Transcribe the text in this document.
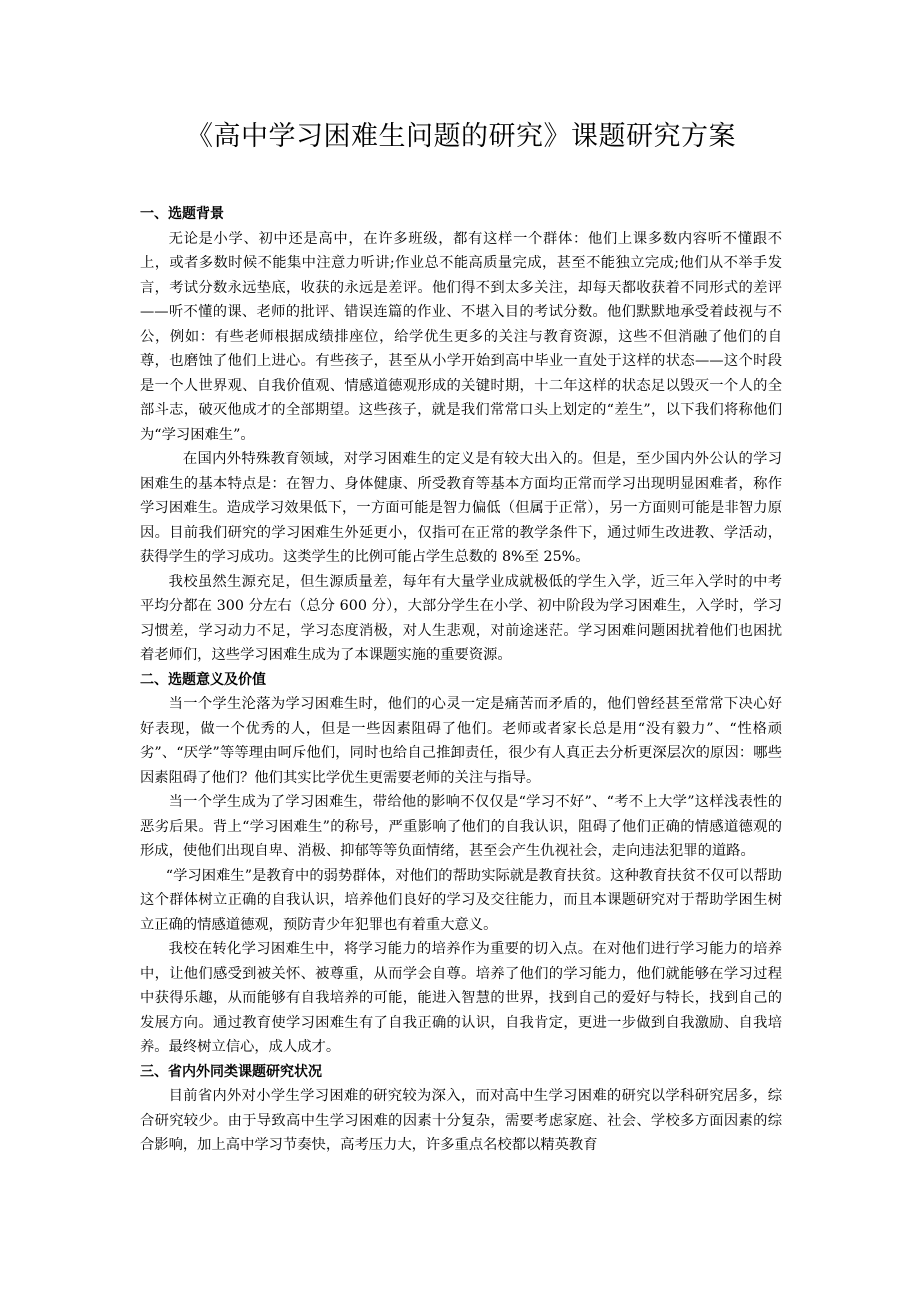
《高中学习困难生问题的研究》课题研究方案
一、选题背景

无论是小学、初中还是高中，在许多班级，都有这样一个群体：他们上课多数内容听不懂跟不上，或者多数时候不能集中注意力听讲;作业总不能高质量完成，甚至不能独立完成;他们从不举手发言，考试分数永远垫底，收获的永远是差评。他们得不到太多关注，却每天都收获着不同形式的差评——听不懂的课、老师的批评、错误连篇的作业、不堪入目的考试分数。他们默默地承受着歧视与不公，例如：有些老师根据成绩排座位，给学优生更多的关注与教育资源，这些不但消融了他们的自尊，也磨蚀了他们上进心。有些孩子，甚至从小学开始到高中毕业一直处于这样的状态——这个时段是一个人世界观、自我价值观、情感道德观形成的关键时期，十二年这样的状态足以毁灭一个人的全部斗志，破灭他成才的全部期望。这些孩子，就是我们常常口头上划定的“差生”，以下我们将称他们为“学习困难生”。

在国内外特殊教育领域，对学习困难生的定义是有较大出入的。但是，至少国内外公认的学习困难生的基本特点是：在智力、身体健康、所受教育等基本方面均正常而学习出现明显困难者，称作学习困难生。造成学习效果低下，一方面可能是智力偏低（但属于正常），另一方面则可能是非智力原因。目前我们研究的学习困难生外延更小，仅指可在正常的教学条件下，通过师生改进教、学活动，获得学生的学习成功。这类学生的比例可能占学生总数的 8%至 25%。

我校虽然生源充足，但生源质量差，每年有大量学业成就极低的学生入学，近三年入学时的中考平均分都在 300 分左右（总分 600 分），大部分学生在小学、初中阶段为学习困难生，入学时，学习习惯差，学习动力不足，学习态度消极，对人生悲观，对前途迷茫。学习困难问题困扰着他们也困扰着老师们，这些学习困难生成为了本课题实施的重要资源。

二、选题意义及价值

当一个学生沦落为学习困难生时，他们的心灵一定是痛苦而矛盾的，他们曾经甚至常常下决心好好表现，做一个优秀的人，但是一些因素阻碍了他们。老师或者家长总是用“没有毅力”、“性格顽劣”、“厌学”等等理由呵斥他们，同时也给自己推卸责任，很少有人真正去分析更深层次的原因：哪些因素阻碍了他们？他们其实比学优生更需要老师的关注与指导。

当一个学生成为了学习困难生，带给他的影响不仅仅是“学习不好”、“考不上大学”这样浅表性的恶劣后果。背上“学习困难生”的称号，严重影响了他们的自我认识，阻碍了他们正确的情感道德观的形成，使他们出现自卑、消极、抑郁等等负面情绪，甚至会产生仇视社会，走向违法犯罪的道路。

“学习困难生”是教育中的弱势群体，对他们的帮助实际就是教育扶贫。这种教育扶贫不仅可以帮助这个群体树立正确的自我认识，培养他们良好的学习及交往能力，而且本课题研究对于帮助学困生树立正确的情感道德观，预防青少年犯罪也有着重大意义。

我校在转化学习困难生中，将学习能力的培养作为重要的切入点。在对他们进行学习能力的培养中，让他们感受到被关怀、被尊重，从而学会自尊。培养了他们的学习能力，他们就能够在学习过程中获得乐趣，从而能够有自我培养的可能，能进入智慧的世界，找到自己的爱好与特长，找到自己的发展方向。通过教育使学习困难生有了自我正确的认识，自我肯定，更进一步做到自我激励、自我培养。最终树立信心，成人成才。

三、省内外同类课题研究状况

目前省内外对小学生学习困难的研究较为深入，而对高中生学习困难的研究以学科研究居多，综合研究较少。由于导致高中生学习困难的因素十分复杂，需要考虑家庭、社会、学校多方面因素的综合影响，加上高中学习节奏快，高考压力大，许多重点名校都以精英教育
